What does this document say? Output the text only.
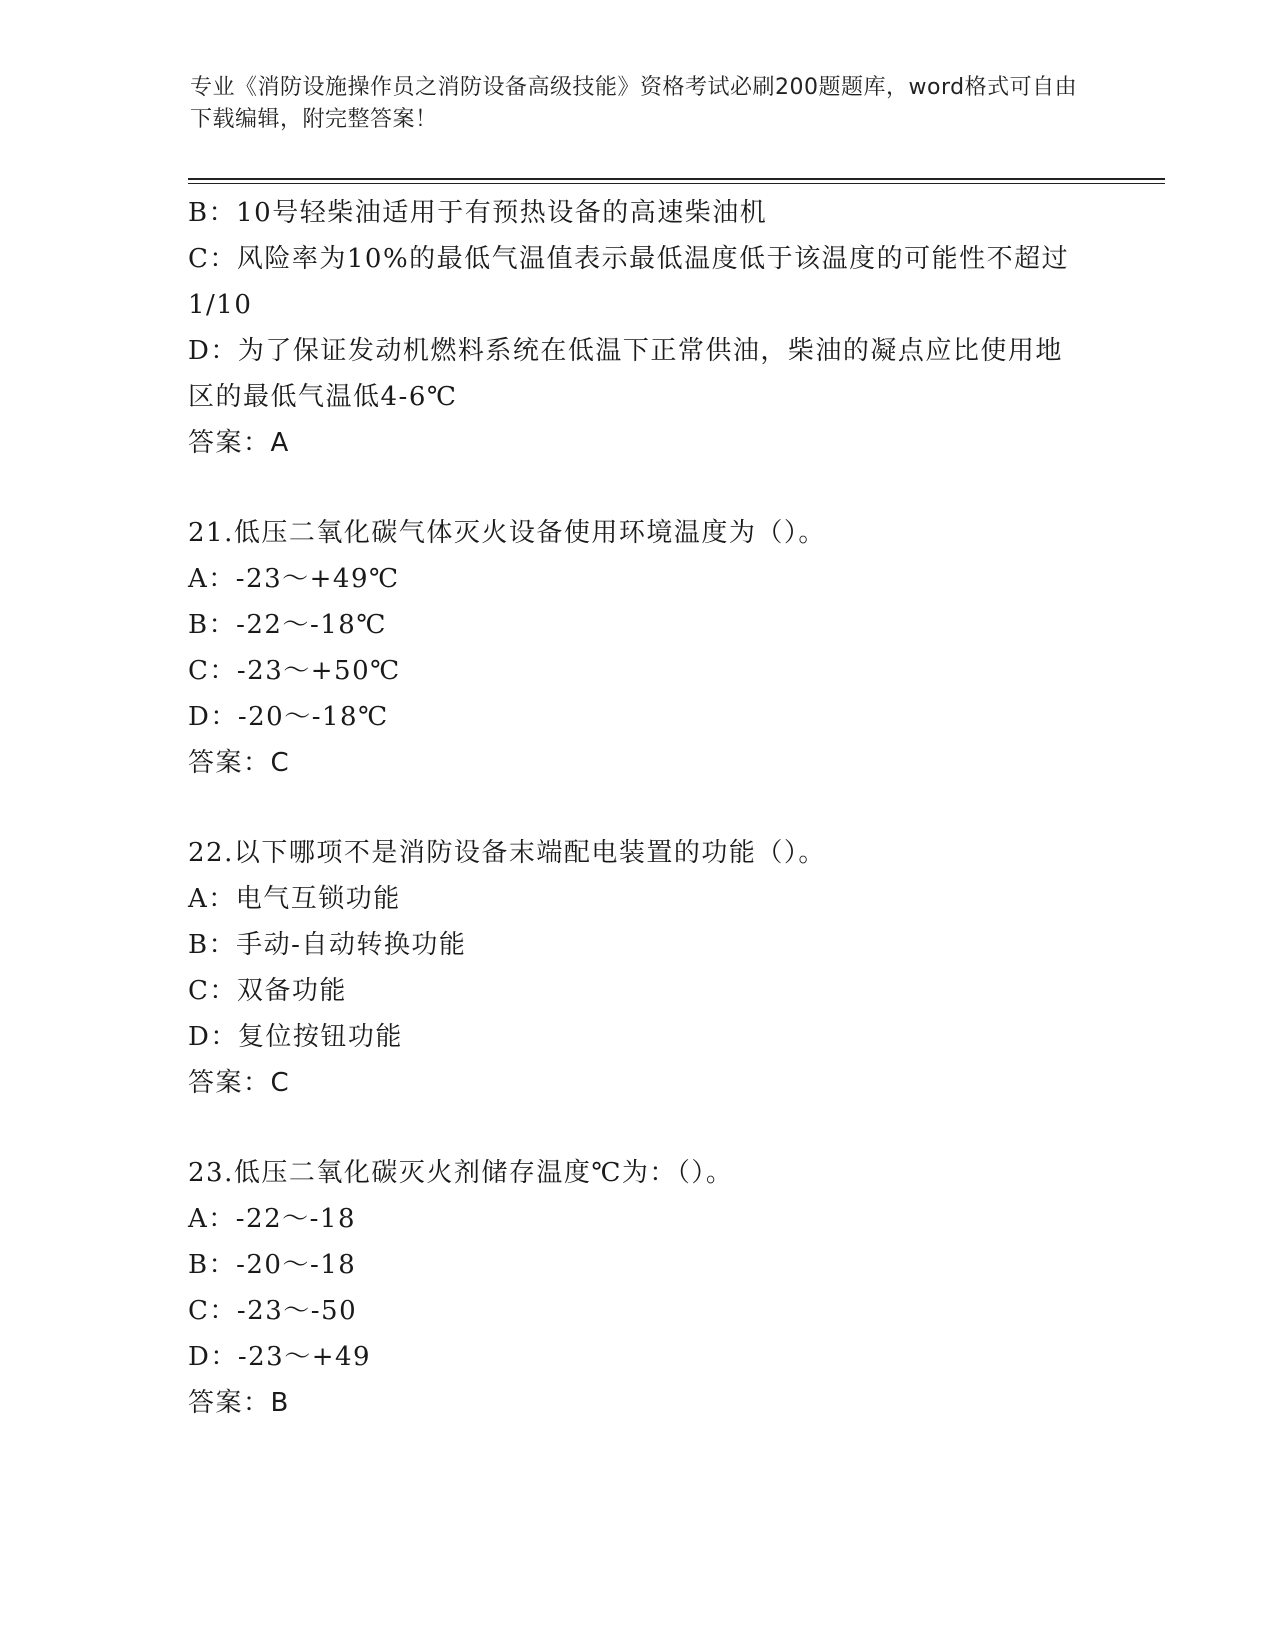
专业《消防设施操作员之消防设备高级技能》资格考试必刷200题题库，word格式可自由下载编辑，附完整答案！
B：10号轻柴油适用于有预热设备的高速柴油机
C：风险率为10%的最低气温值表示最低温度低于该温度的可能性不超过1/10
D：为了保证发动机燃料系统在低温下正常供油，柴油的凝点应比使用地区的最低气温低4-6℃
答案：A
21.低压二氧化碳气体灭火设备使用环境温度为（）。
A：-23～+49℃
B：-22～-18℃
C：-23～+50℃
D：-20～-18℃
答案：C
22.以下哪项不是消防设备末端配电装置的功能（）。
A：电气互锁功能
B：手动-自动转换功能
C：双备功能
D：复位按钮功能
答案：C
23.低压二氧化碳灭火剂储存温度℃为：（）。
A：-22～-18
B：-20～-18
C：-23～-50
D：-23～+49
答案：B
